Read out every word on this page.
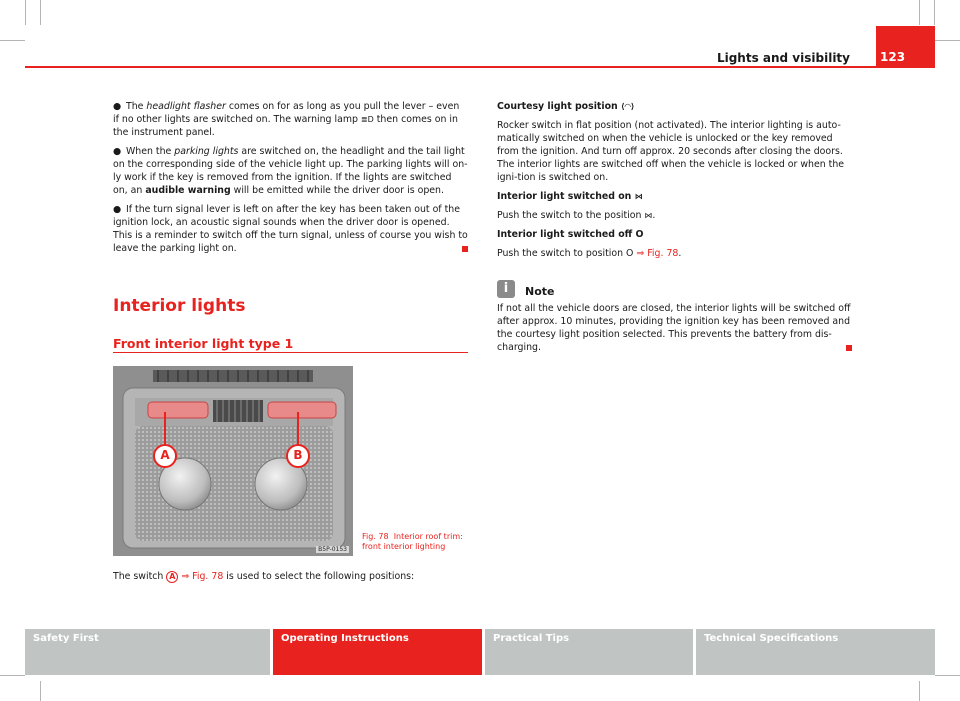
Lights and visibility	123

● The headlight flasher comes on for as long as you pull the lever – even if no other lights are switched on. The warning lamp ≣D then comes on in the instrument panel.

● When the parking lights are switched on, the headlight and the tail light on the corresponding side of the vehicle light up. The parking lights will on-ly work if the key is removed from the ignition. If the lights are switched on, an audible warning will be emitted while the driver door is open.

● If the turn signal lever is left on after the key has been taken out of the ignition lock, an acoustic signal sounds when the driver door is opened. This is a reminder to switch off the turn signal, unless of course you wish to leave the parking light on.

Interior lights
Front interior light type 1
A	B
B5P-0153
Fig. 78 Interior roof trim: front interior lighting
The switch A ⇒ Fig. 78 is used to select the following positions:

Courtesy light position ⟨◠⟩

Rocker switch in flat position (not activated). The interior lighting is auto-matically switched on when the vehicle is unlocked or the key removed from the ignition. And turn off approx. 20 seconds after closing the doors. The interior lights are switched off when the vehicle is locked or when the igni-tion is switched on.

Interior light switched on ⋈

Push the switch to the position ⋈.

Interior light switched off O

Push the switch to position O ⇒ Fig. 78.

i	Note

If not all the vehicle doors are closed, the interior lights will be switched off after approx. 10 minutes, providing the ignition key has been removed and the courtesy light position selected. This prevents the battery from dis-charging.

Safety First	Operating Instructions	Practical Tips	Technical Specifications
